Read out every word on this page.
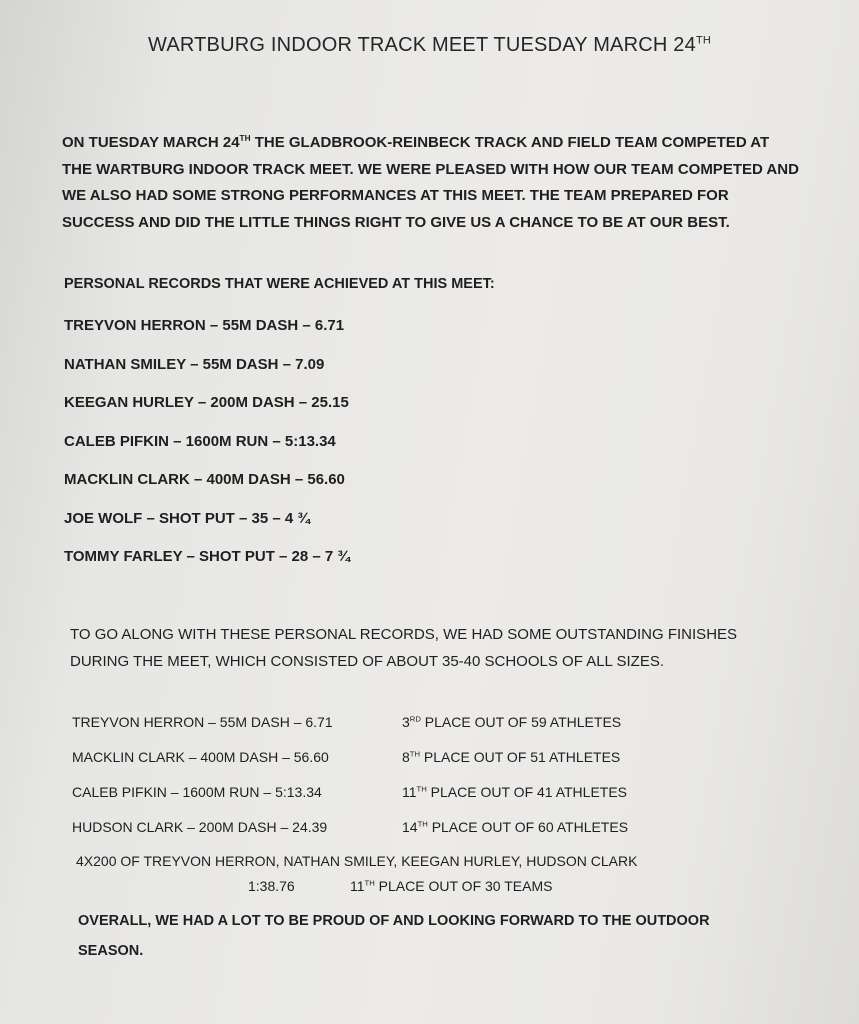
WARTBURG INDOOR TRACK MEET TUESDAY MARCH 24TH

ON TUESDAY MARCH 24TH THE GLADBROOK-REINBECK TRACK AND FIELD TEAM COMPETED AT THE WARTBURG INDOOR TRACK MEET. WE WERE PLEASED WITH HOW OUR TEAM COMPETED AND WE ALSO HAD SOME STRONG PERFORMANCES AT THIS MEET. THE TEAM PREPARED FOR SUCCESS AND DID THE LITTLE THINGS RIGHT TO GIVE US A CHANCE TO BE AT OUR BEST.

PERSONAL RECORDS THAT WERE ACHIEVED AT THIS MEET:

TREYVON HERRON – 55M DASH – 6.71
NATHAN SMILEY – 55M DASH – 7.09
KEEGAN HURLEY – 200M DASH – 25.15
CALEB PIFKIN – 1600M RUN – 5:13.34
MACKLIN CLARK – 400M DASH – 56.60
JOE WOLF – SHOT PUT – 35 – 4 ¾
TOMMY FARLEY – SHOT PUT – 28 – 7 ¾

TO GO ALONG WITH THESE PERSONAL RECORDS, WE HAD SOME OUTSTANDING FINISHES DURING THE MEET, WHICH CONSISTED OF ABOUT 35-40 SCHOOLS OF ALL SIZES.

TREYVON HERRON – 55M DASH – 6.71	3RD PLACE OUT OF 59 ATHLETES
MACKLIN CLARK – 400M DASH – 56.60	8TH PLACE OUT OF 51 ATHLETES
CALEB PIFKIN – 1600M RUN – 5:13.34	11TH PLACE OUT OF 41 ATHLETES
HUDSON CLARK – 200M DASH – 24.39	14TH PLACE OUT OF 60 ATHLETES

4X200 OF TREYVON HERRON, NATHAN SMILEY, KEEGAN HURLEY, HUDSON CLARK

1:38.76	11TH PLACE OUT OF 30 TEAMS

OVERALL, WE HAD A LOT TO BE PROUD OF AND LOOKING FORWARD TO THE OUTDOOR SEASON.
